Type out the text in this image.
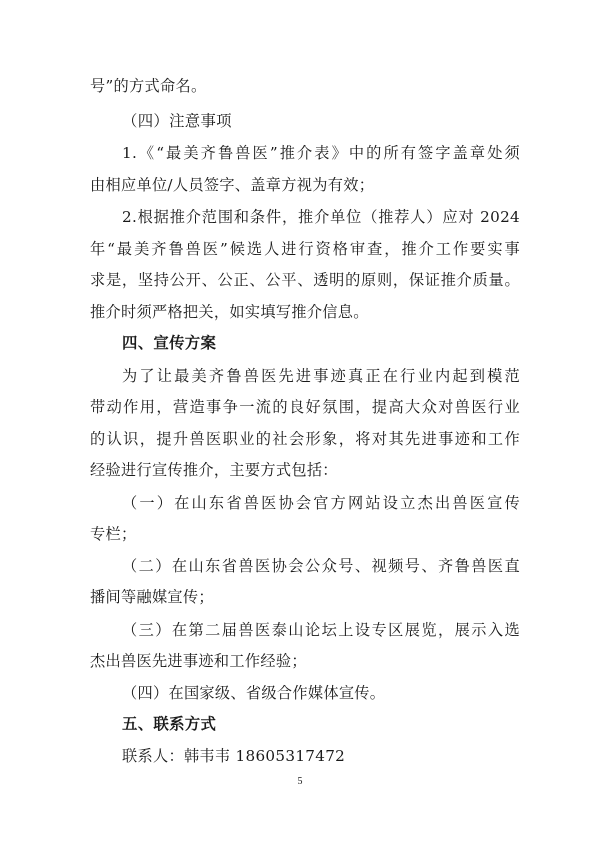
号”的方式命名。
（四）注意事项
1.《“最美齐鲁兽医”推介表》中的所有签字盖章处须
由相应单位/人员签字、盖章方视为有效；
2.根据推介范围和条件，推介单位（推荐人）应对 2024
年“最美齐鲁兽医”候选人进行资格审查，推介工作要实事
求是，坚持公开、公正、公平、透明的原则，保证推介质量。
推介时须严格把关，如实填写推介信息。
四、宣传方案
为了让最美齐鲁兽医先进事迹真正在行业内起到模范
带动作用，营造事争一流的良好氛围，提高大众对兽医行业
的认识，提升兽医职业的社会形象，将对其先进事迹和工作
经验进行宣传推介，主要方式包括：
（一）在山东省兽医协会官方网站设立杰出兽医宣传
专栏；
（二）在山东省兽医协会公众号、视频号、齐鲁兽医直
播间等融媒宣传；
（三）在第二届兽医泰山论坛上设专区展览，展示入选
杰出兽医先进事迹和工作经验；
（四）在国家级、省级合作媒体宣传。
五、联系方式
联系人：韩韦韦 18605317472
5
